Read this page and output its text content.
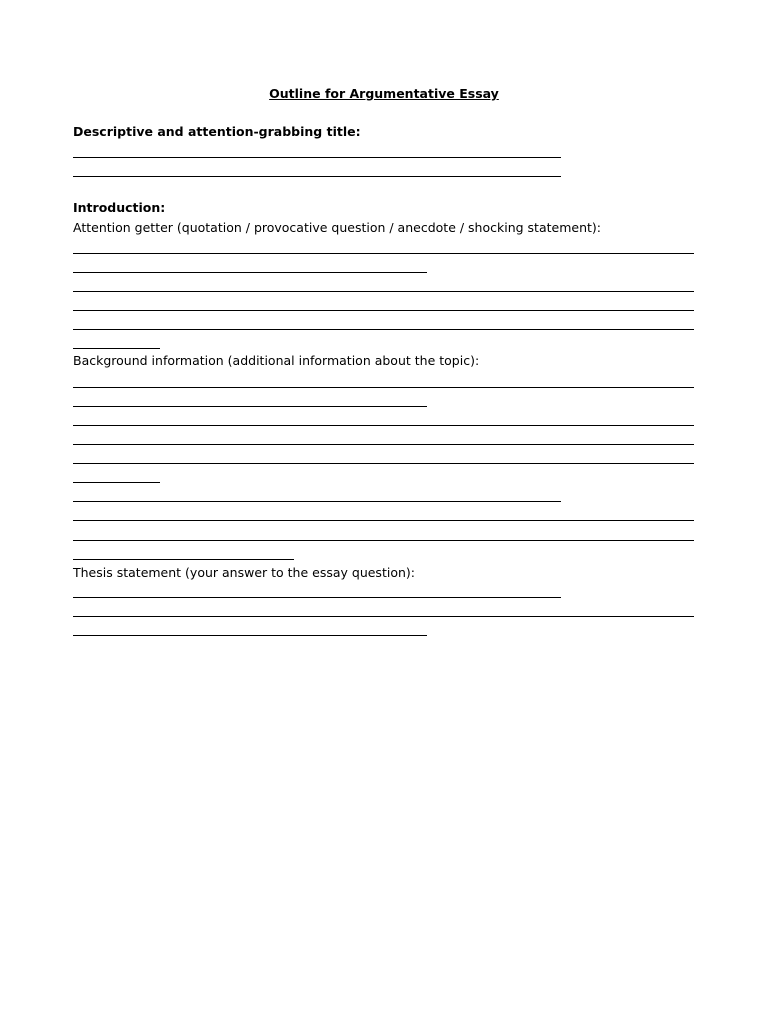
Outline for Argumentative Essay
Descriptive and attention-grabbing title:
Introduction:
Attention getter (quotation / provocative question / anecdote / shocking statement):
Background information (additional information about the topic):
Thesis statement (your answer to the essay question):
